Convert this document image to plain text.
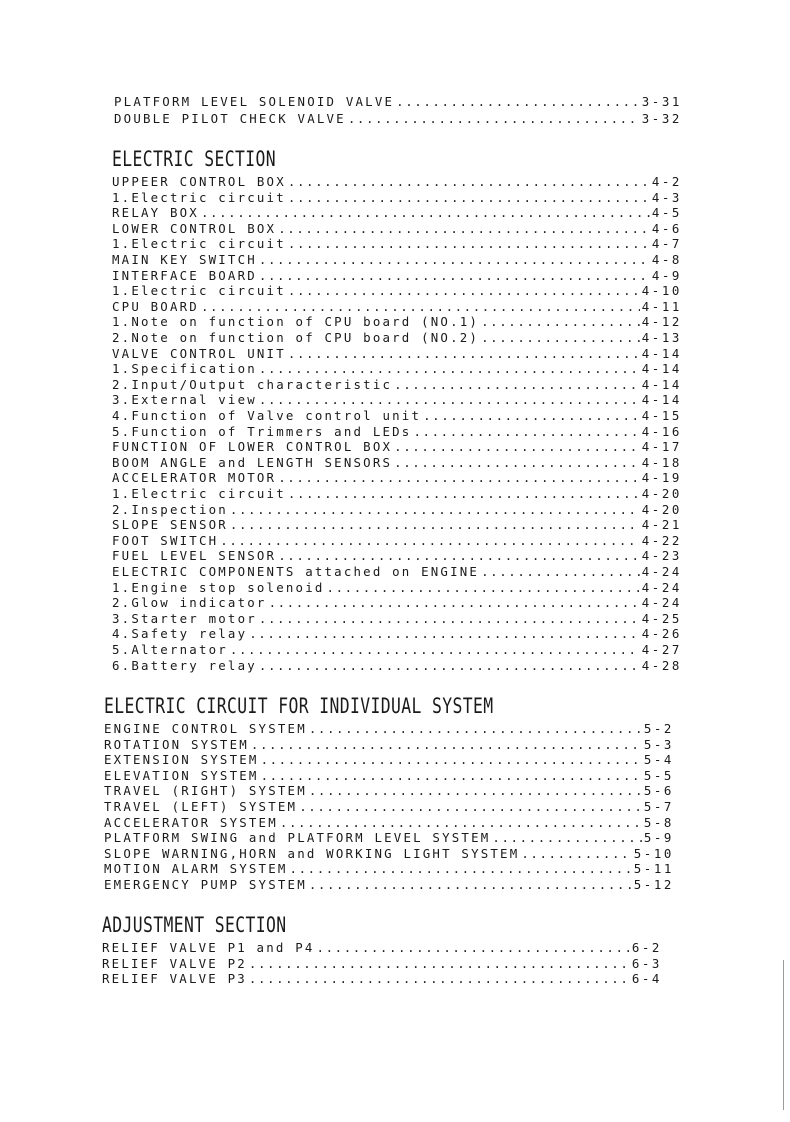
PLATFORM LEVEL SOLENOID VALVE .....	3-31
DOUBLE PILOT CHECK VALVE .....	3-32
ELECTRIC SECTION
UPPEER CONTROL BOX .....	4-2
1.Electric circuit .....	4-3
RELAY BOX .....	4-5
LOWER CONTROL BOX .....	4-6
1.Electric circuit .....	4-7
MAIN KEY SWITCH .....	4-8
INTERFACE BOARD .....	4-9
1.Electric circuit .....	4-10
CPU BOARD .....	4-11
1.Note on function of CPU board (NO.1) .....	4-12
2.Note on function of CPU board (NO.2) .....	4-13
VALVE CONTROL UNIT .....	4-14
1.Specification .....	4-14
2.Input/Output characteristic .....	4-14
3.External view .....	4-14
4.Function of Valve control unit .....	4-15
5.Function of Trimmers and LEDs .....	4-16
FUNCTION OF LOWER CONTROL BOX .....	4-17
BOOM ANGLE and LENGTH SENSORS .....	4-18
ACCELERATOR MOTOR .....	4-19
1.Electric circuit .....	4-20
2.Inspection .....	4-20
SLOPE SENSOR .....	4-21
FOOT SWITCH .....	4-22
FUEL LEVEL SENSOR .....	4-23
ELECTRIC COMPONENTS attached on ENGINE .....	4-24
1.Engine stop solenoid .....	4-24
2.Glow indicator .....	4-24
3.Starter motor .....	4-25
4.Safety relay .....	4-26
5.Alternator .....	4-27
6.Battery relay .....	4-28
ELECTRIC CIRCUIT FOR INDIVIDUAL SYSTEM
ENGINE CONTROL SYSTEM .....	5-2
ROTATION SYSTEM .....	5-3
EXTENSION SYSTEM .....	5-4
ELEVATION SYSTEM .....	5-5
TRAVEL (RIGHT) SYSTEM .....	5-6
TRAVEL (LEFT) SYSTEM .....	5-7
ACCELERATOR SYSTEM .....	5-8
PLATFORM SWING and PLATFORM LEVEL SYSTEM .....	5-9
SLOPE WARNING,HORN and WORKING LIGHT SYSTEM .....	5-10
MOTION ALARM SYSTEM .....	5-11
EMERGENCY PUMP SYSTEM .....	5-12
ADJUSTMENT SECTION
RELIEF VALVE P1 and P4 .....	6-2
RELIEF VALVE P2 .....	6-3
RELIEF VALVE P3 .....	6-4
